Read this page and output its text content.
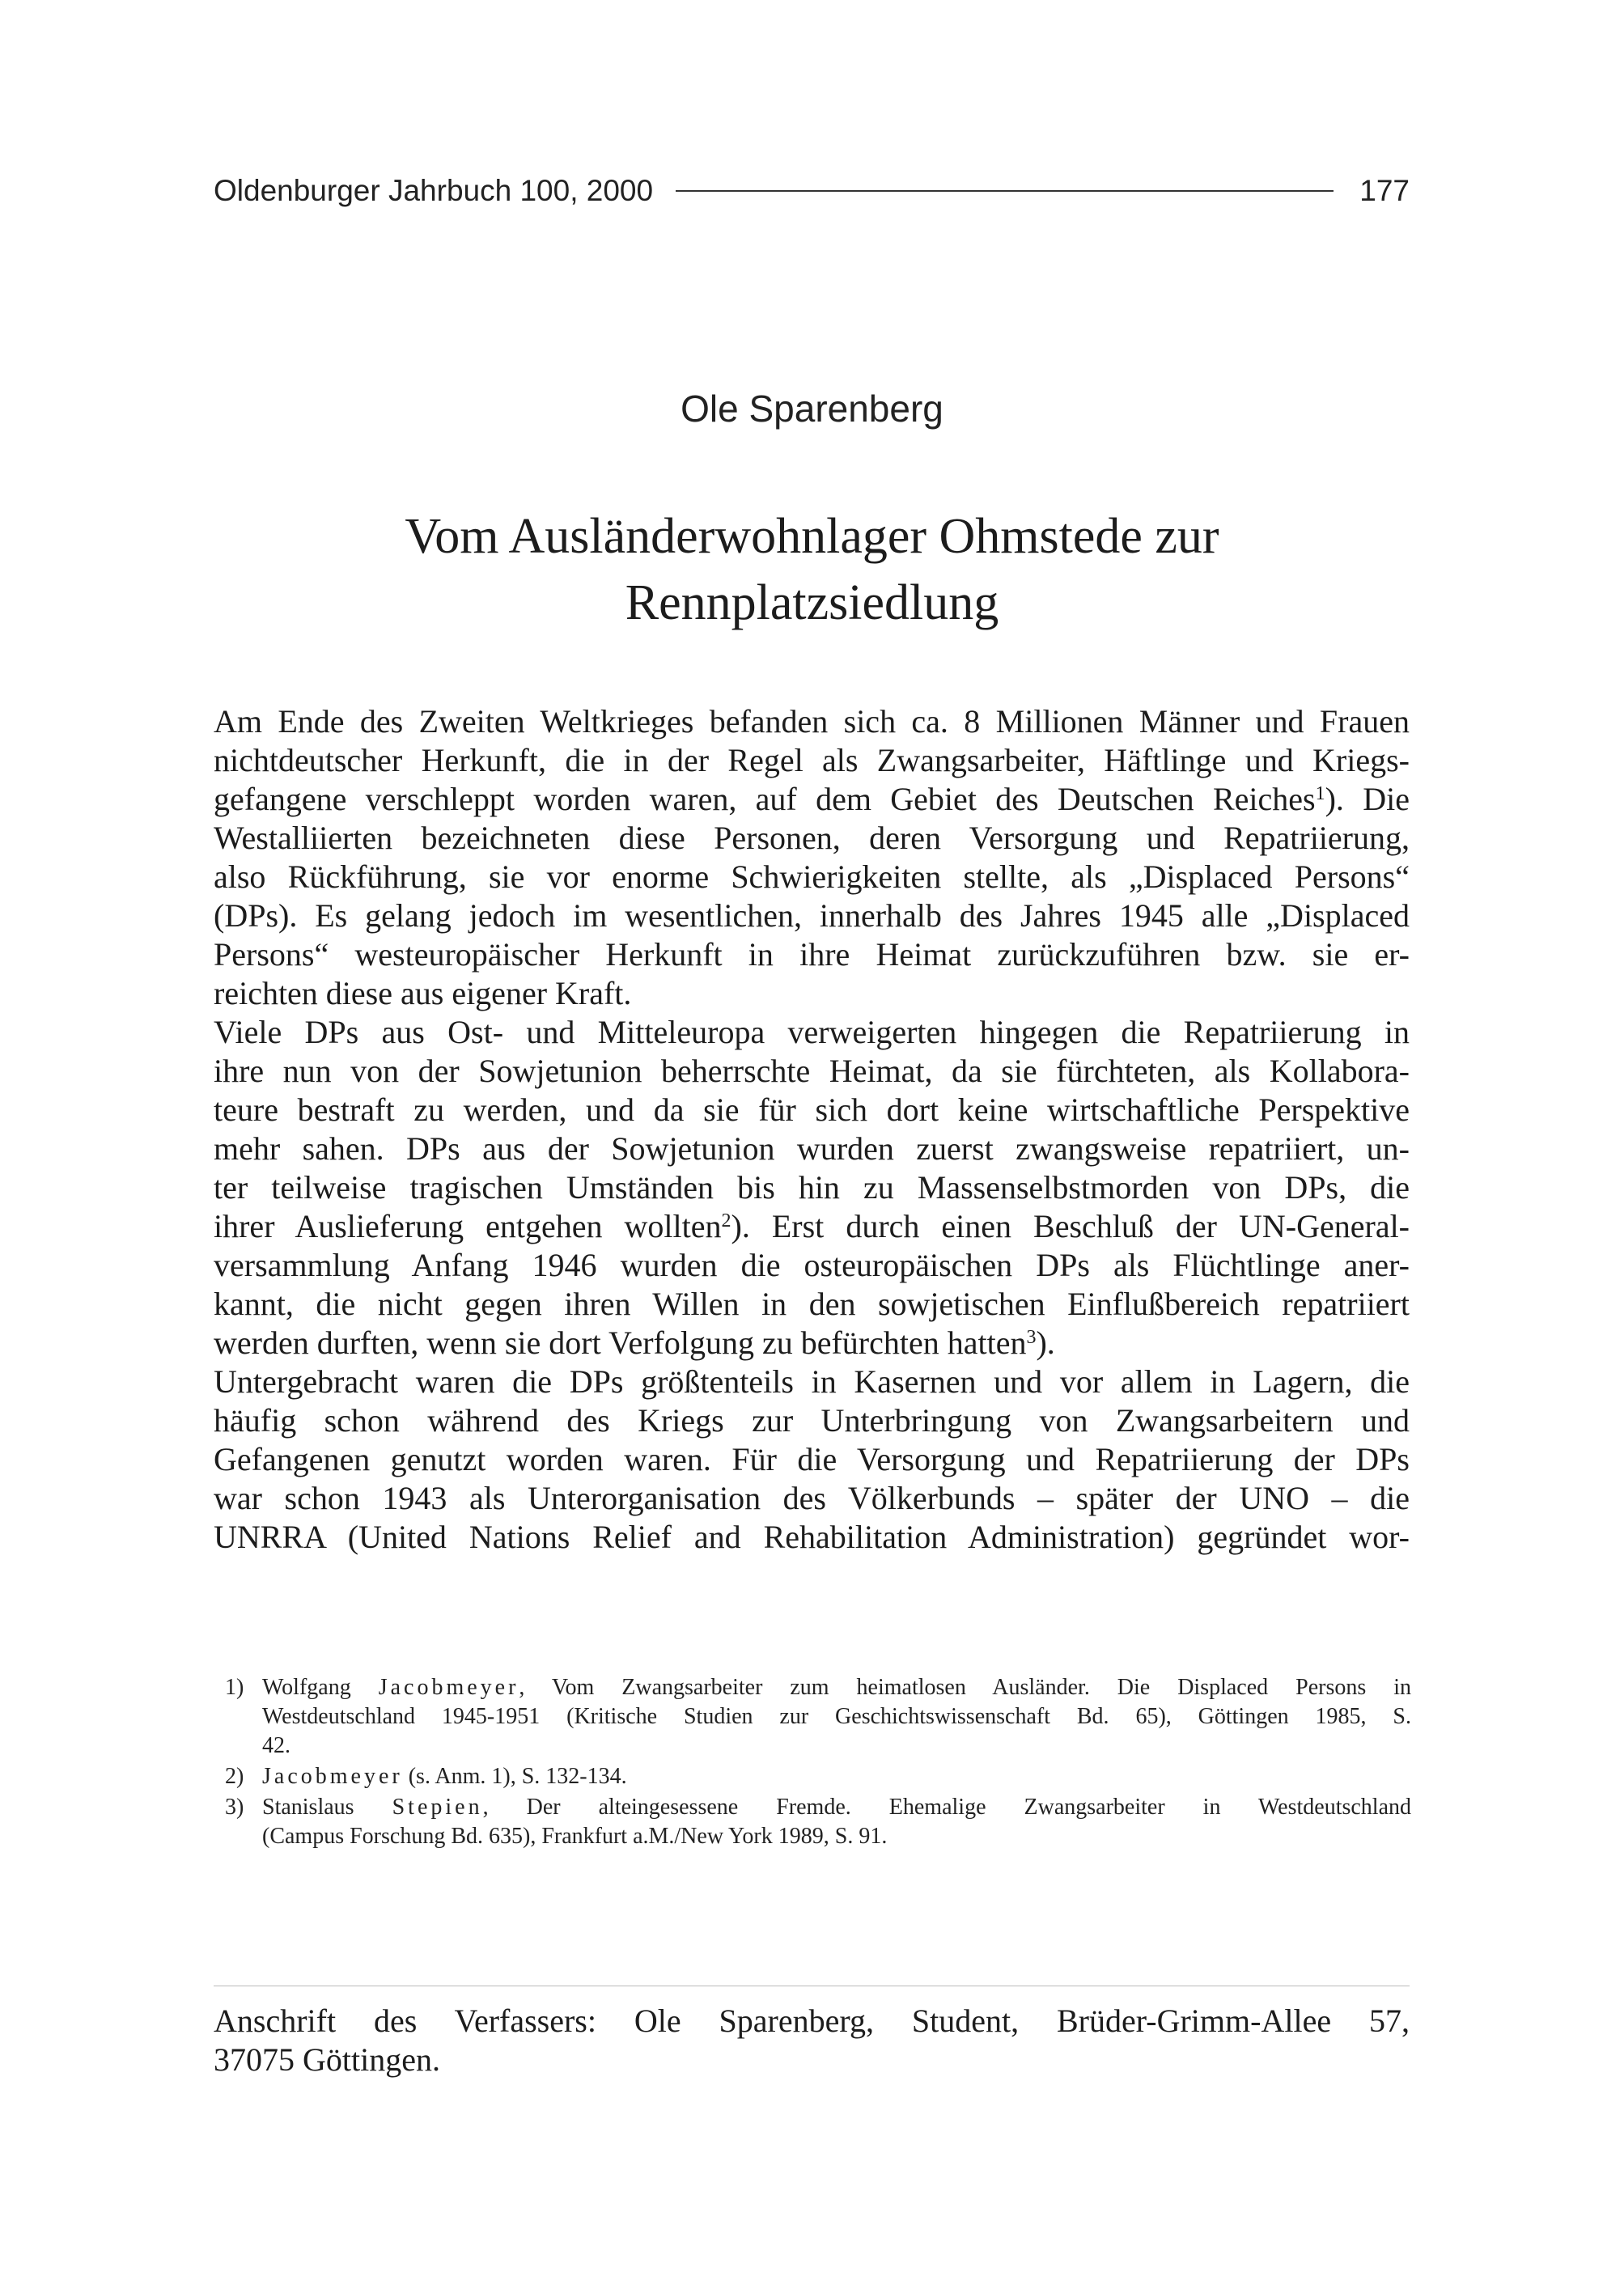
Oldenburger Jahrbuch 100, 2000	177
Ole Sparenberg
Vom Ausländerwohnlager Ohmstede zur
Rennplatzsiedlung
Am Ende des Zweiten Weltkrieges befanden sich ca. 8 Millionen Männer und Frauen
nichtdeutscher Herkunft, die in der Regel als Zwangsarbeiter, Häftlinge und Kriegs-
gefangene verschleppt worden waren, auf dem Gebiet des Deutschen Reiches$^1$). Die
Westalliierten bezeichneten diese Personen, deren Versorgung und Repatriierung,
also Rückführung, sie vor enorme Schwierigkeiten stellte, als „Displaced Persons“
(DPs). Es gelang jedoch im wesentlichen, innerhalb des Jahres 1945 alle „Displaced
Persons“ westeuropäischer Herkunft in ihre Heimat zurückzuführen bzw. sie er-
reichten diese aus eigener Kraft.
Viele DPs aus Ost- und Mitteleuropa verweigerten hingegen die Repatriierung in
ihre nun von der Sowjetunion beherrschte Heimat, da sie fürchteten, als Kollabora-
teure bestraft zu werden, und da sie für sich dort keine wirtschaftliche Perspektive
mehr sahen. DPs aus der Sowjetunion wurden zuerst zwangsweise repatriiert, un-
ter teilweise tragischen Umständen bis hin zu Massenselbstmorden von DPs, die
ihrer Auslieferung entgehen wollten$^2$). Erst durch einen Beschluß der UN-General-
versammlung Anfang 1946 wurden die osteuropäischen DPs als Flüchtlinge aner-
kannt, die nicht gegen ihren Willen in den sowjetischen Einflußbereich repatriiert
werden durften, wenn sie dort Verfolgung zu befürchten hatten$^3$).
Untergebracht waren die DPs größtenteils in Kasernen und vor allem in Lagern, die
häufig schon während des Kriegs zur Unterbringung von Zwangsarbeitern und
Gefangenen genutzt worden waren. Für die Versorgung und Repatriierung der DPs
war schon 1943 als Unterorganisation des Völkerbunds – später der UNO – die
UNRRA (United Nations Relief and Rehabilitation Administration) gegründet wor-
1) Wolfgang Jacobmeyer, Vom Zwangsarbeiter zum heimatlosen Ausländer. Die Displaced Persons in
Westdeutschland 1945-1951 (Kritische Studien zur Geschichtswissenschaft Bd. 65), Göttingen 1985, S.
42.
2) Jacobmeyer (s. Anm. 1), S. 132-134.
3) Stanislaus Stepien, Der alteingesessene Fremde. Ehemalige Zwangsarbeiter in Westdeutschland
(Campus Forschung Bd. 635), Frankfurt a.M./New York 1989, S. 91.
Anschrift des Verfassers: Ole Sparenberg, Student, Brüder-Grimm-Allee 57,
37075 Göttingen.
